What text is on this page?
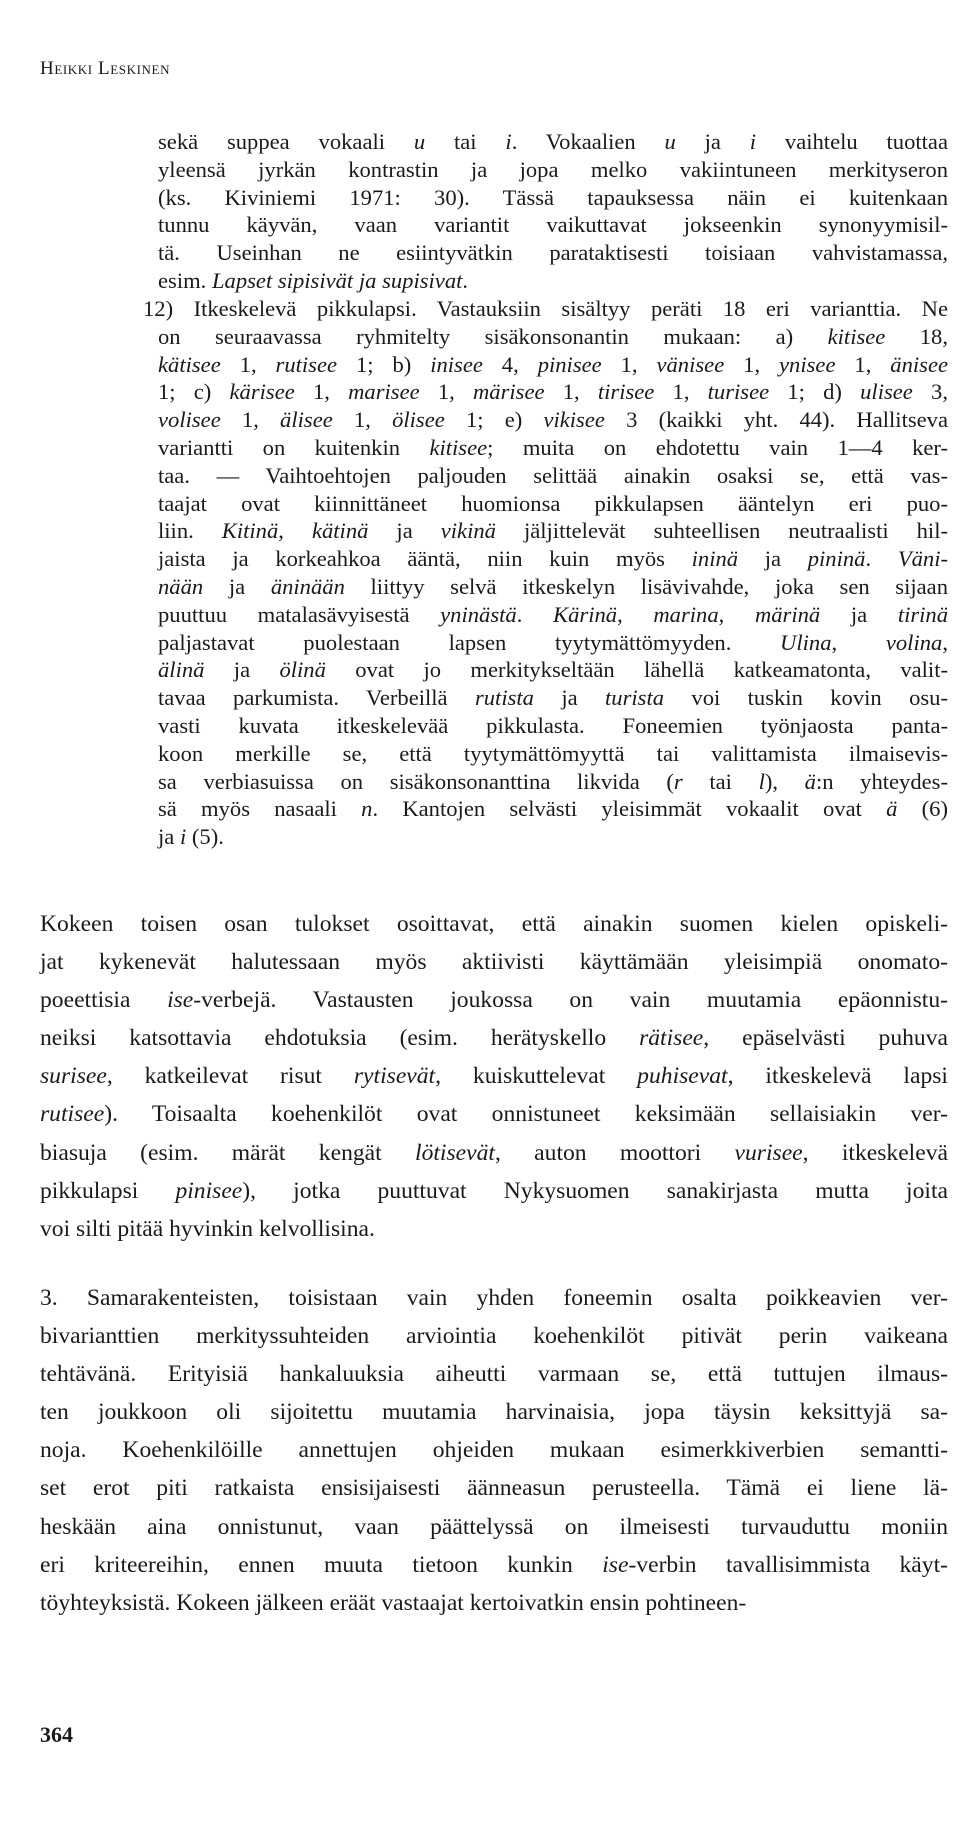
Heikki Leskinen
sekä suppea vokaali u tai i. Vokaalien u ja i vaihtelu tuottaa
yleensä jyrkän kontrastin ja jopa melko vakiintuneen merkityseron
(ks. Kiviniemi 1971: 30). Tässä tapauksessa näin ei kuitenkaan
tunnu käyvän, vaan variantit vaikuttavat jokseenkin synonyymisil-
tä. Useinhan ne esiintyvätkin parataktisesti toisiaan vahvistamassa,
esim. Lapset sipisivät ja supisivat.
12) Itkeskelevä pikkulapsi. Vastauksiin sisältyy peräti 18 eri varianttia. Ne
on seuraavassa ryhmitelty sisäkonsonantin mukaan: a) kitisee 18,
kätisee 1, rutisee 1; b) inisee 4, pinisee 1, vänisee 1, ynisee 1, änisee
1; c) kärisee 1, marisee 1, märisee 1, tirisee 1, turisee 1; d) ulisee 3,
volisee 1, älisee 1, ölisee 1; e) vikisee 3 (kaikki yht. 44). Hallitseva
variantti on kuitenkin kitisee; muita on ehdotettu vain 1—4 ker-
taa. — Vaihtoehtojen paljouden selittää ainakin osaksi se, että vas-
taajat ovat kiinnittäneet huomionsa pikkulapsen ääntelyn eri puo-
liin. Kitinä, kätinä ja vikinä jäljittelevät suhteellisen neutraalisti hil-
jaista ja korkeahkoa ääntä, niin kuin myös ininä ja pininä. Väni-
nään ja äninään liittyy selvä itkeskelyn lisävivahde, joka sen sijaan
puuttuu matalasävyisestä yninästä. Kärinä, marina, märinä ja tirinä
paljastavat puolestaan lapsen tyytymättömyyden. Ulina, volina,
älinä ja ölinä ovat jo merkitykseltään lähellä katkeamatonta, valit-
tavaa parkumista. Verbeillä rutista ja turista voi tuskin kovin osu-
vasti kuvata itkeskelevää pikkulasta. Foneemien työnjaosta panta-
koon merkille se, että tyytymättömyyttä tai valittamista ilmaisevis-
sa verbiasuissa on sisäkonsonanttina likvida (r tai l), ä:n yhteydes-
sä myös nasaali n. Kantojen selvästi yleisimmät vokaalit ovat ä (6)
ja i (5).
Kokeen toisen osan tulokset osoittavat, että ainakin suomen kielen opiskeli-
jat kykenevät halutessaan myös aktiivisti käyttämään yleisimpiä onomato-
poeettisia ise-verbejä. Vastausten joukossa on vain muutamia epäonnistu-
neiksi katsottavia ehdotuksia (esim. herätyskello rätisee, epäselvästi puhuva
surisee, katkeilevat risut rytisevät, kuiskuttelevat puhisevat, itkeskelevä lapsi
rutisee). Toisaalta koehenkilöt ovat onnistuneet keksimään sellaisiakin ver-
biasuja (esim. märät kengät lötisevät, auton moottori vurisee, itkeskelevä
pikkulapsi pinisee), jotka puuttuvat Nykysuomen sanakirjasta mutta joita
voi silti pitää hyvinkin kelvollisina.
3. Samarakenteisten, toisistaan vain yhden foneemin osalta poikkeavien ver-
bivarianttien merkityssuhteiden arviointia koehenkilöt pitivät perin vaikeana
tehtävänä. Erityisiä hankaluuksia aiheutti varmaan se, että tuttujen ilmaus-
ten joukkoon oli sijoitettu muutamia harvinaisia, jopa täysin keksittyjä sa-
noja. Koehenkilöille annettujen ohjeiden mukaan esimerkkiverbien semantti-
set erot piti ratkaista ensisijaisesti äänneasun perusteella. Tämä ei liene lä-
heskään aina onnistunut, vaan päättelyssä on ilmeisesti turvauduttu moniin
eri kriteereihin, ennen muuta tietoon kunkin ise-verbin tavallisimmista käyt-
töyhteyksistä. Kokeen jälkeen eräät vastaajat kertoivatkin ensin pohtineen-
364
